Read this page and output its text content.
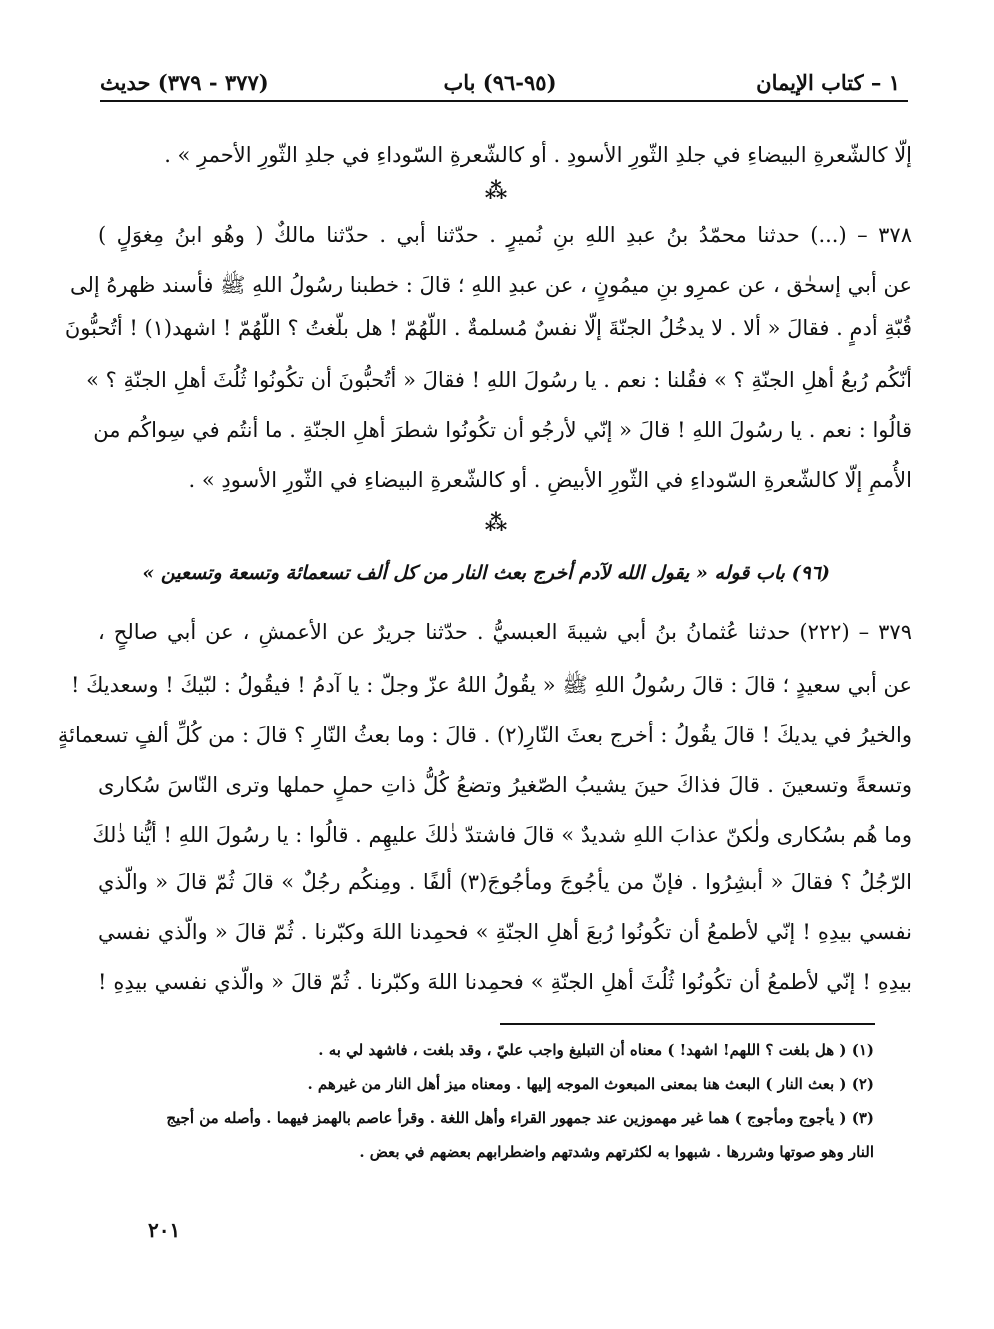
١ – كتاب الإيمان
(٩٥-٩٦) باب
(٣٧٧ - ٣٧٩) حديث
إلّا كالشّعرةِ البيضاءِ في جلدِ الثّورِ الأسودِ . أو كالشّعرةِ السّوداءِ في جلدِ الثّورِ الأحمرِ » .
⁂
٣٧٨ – (...) حدثنا محمّدُ بنُ عبدِ اللهِ بنِ نُميرٍ . حدّثنا أبي . حدّثنا مالكٌ ( وهُو ابنُ مِغوَلٍ )
عن أبي إسحٰق ، عن عمرِو بنِ ميمُونٍ ، عن عبدِ اللهِ ؛ قالَ : خطبنا رسُولُ اللهِ ﷺ فأسند ظهرهُ إلى
قُبّةِ أدمٍ . فقالَ « ألا . لا يدخُلُ الجنّةَ إلّا نفسٌ مُسلمةٌ . اللّهُمّ ! هل بلّغتُ ؟ اللّهُمّ ! اشهد(١) ! أتُحبُّونَ
أنّكُم رُبعُ أهلِ الجنّةِ ؟ » فقُلنا : نعم . يا رسُولَ اللهِ ! فقالَ « أتُحبُّونَ أن تكُونُوا ثُلُثَ أهلِ الجنّةِ ؟ »
قالُوا : نعم . يا رسُولَ اللهِ ! قالَ « إنّي لأرجُو أن تكُونُوا شطرَ أهلِ الجنّةِ . ما أنتُم في سِواكُم من
الأُممِ إلّا كالشّعرةِ السّوداءِ في الثّورِ الأبيضِ . أو كالشّعرةِ البيضاءِ في الثّورِ الأسودِ » .
⁂
(٩٦) باب قوله « يقول الله لآدم أخرج بعث النار من كل ألف تسعمائة وتسعة وتسعين »
٣٧٩ – (٢٢٢) حدثنا عُثمانُ بنُ أبي شيبةَ العبسيُّ . حدّثنا جريرٌ عن الأعمشِ ، عن أبي صالحٍ ،
عن أبي سعيدٍ ؛ قالَ : قالَ رسُولُ اللهِ ﷺ « يقُولُ اللهُ عزّ وجلّ : يا آدمُ ! فيقُولُ : لبّيكَ ! وسعديكَ !
والخيرُ في يديكَ ! قالَ يقُولُ : أخرج بعثَ النّارِ(٢) . قالَ : وما بعثُ النّارِ ؟ قالَ : من كُلِّ ألفٍ تسعمائةٍ
وتسعةً وتسعينَ . قالَ فذاكَ حينَ يشيبُ الصّغيرُ وتضعُ كُلُّ ذاتِ حملٍ حملها وترى النّاسَ سُكارى
وما هُم بسُكارى ولٰكنّ عذابَ اللهِ شديدٌ » قالَ فاشتدّ ذٰلكَ عليهِم . قالُوا : يا رسُولَ اللهِ ! أيُّنا ذٰلكَ
الرّجُلُ ؟ فقالَ « أبشِرُوا . فإنّ من يأجُوجَ ومأجُوجَ(٣) ألفًا . ومِنكُم رجُلٌ » قالَ ثُمّ قالَ « والّذي
نفسي بيدِهِ ! إنّي لأطمعُ أن تكُونُوا رُبعَ أهلِ الجنّةِ » فحمِدنا اللهَ وكبّرنا . ثُمّ قالَ « والّذي نفسي
بيدِهِ ! إنّي لأطمعُ أن تكُونُوا ثُلُثَ أهلِ الجنّةِ » فحمِدنا اللهَ وكبّرنا . ثُمّ قالَ « والّذي نفسي بيدِهِ !
(١) ( هل بلغت ؟ اللهم! اشهد! ) معناه أن التبليغ واجب عليّ ، وقد بلغت ، فاشهد لي به .
(٢) ( بعث النار ) البعث هنا بمعنى المبعوث الموجه إليها . ومعناه ميز أهل النار من غيرهم .
(٣) ( يأجوج ومأجوج ) هما غير مهموزين عند جمهور القراء وأهل اللغة . وقرأ عاصم بالهمز فيهما . وأصله من أجيج
النار وهو صوتها وشررها . شبهوا به لكثرتهم وشدتهم واضطرابهم بعضهم في بعض .
٢٠١
